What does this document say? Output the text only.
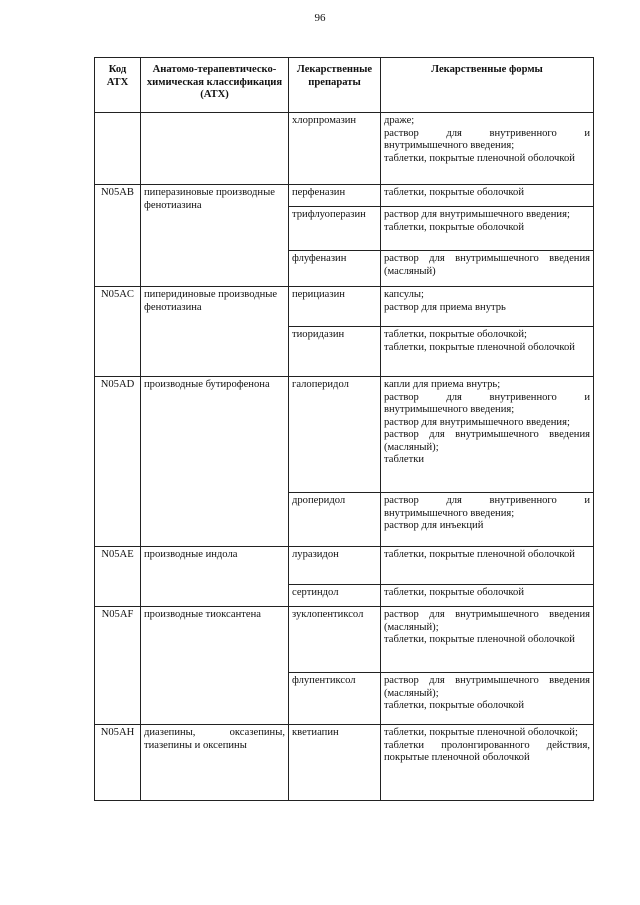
96
Код АТХ	Анатомо-терапевтическо-химическая классификация (АТХ)	Лекарственные препараты	Лекарственные формы
		хлорпромазин	драже;
раствор для внутривенного и внутримышечного введения;
таблетки, покрытые пленочной оболочкой

N05AB	пиперазиновые производные фенотиазина	перфеназин	таблетки, покрытые оболочкой

		трифлуоперазин	раствор для внутримышечного введения;
таблетки, покрытые оболочкой

		флуфеназин	раствор для внутримышечного введения (масляный)

N05AC	пиперидиновые производные фенотиазина	перициазин	капсулы;
раствор для приема внутрь

		тиоридазин	таблетки, покрытые оболочкой;
таблетки, покрытые пленочной оболочкой

N05AD	производные бутирофенона	галоперидол	капли для приема внутрь;
раствор для внутривенного и внутримышечного введения;
раствор для внутримышечного введения;
раствор для внутримышечного введения (масляный);
таблетки

		дроперидол	раствор для внутривенного и внутримышечного введения;
раствор для инъекций

N05AE	производные индола	луразидон	таблетки, покрытые пленочной оболочкой

		сертиндол	таблетки, покрытые оболочкой

N05AF	производные тиоксантена	зуклопентиксол	раствор для внутримышечного введения (масляный);
таблетки, покрытые пленочной оболочкой

		флупентиксол	раствор для внутримышечного введения (масляный);
таблетки, покрытые оболочкой

N05AH	диазепины, оксазепины, тиазепины и оксепины	кветиапин	таблетки, покрытые пленочной оболочкой;
таблетки пролонгированного действия, покрытые пленочной оболочкой
